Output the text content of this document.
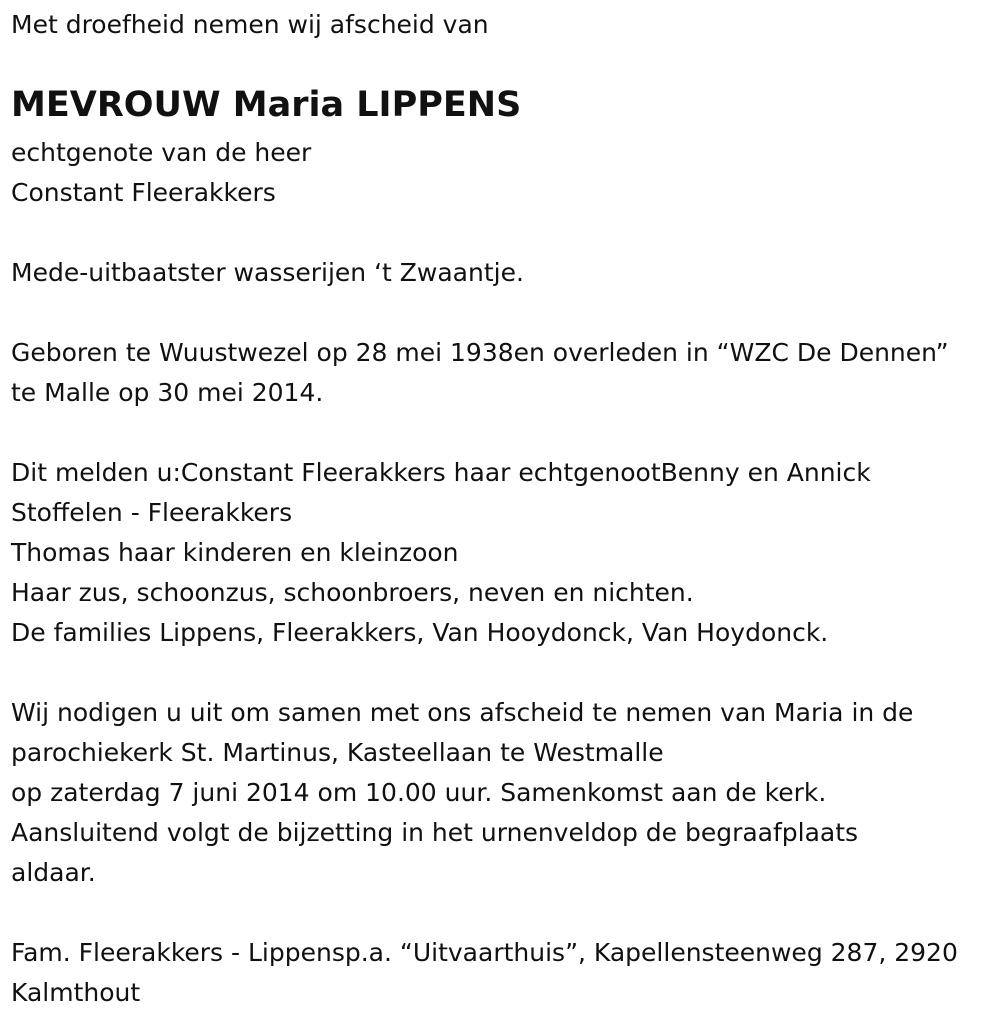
Met droefheid nemen wij afscheid van
MEVROUW Maria LIPPENS
echtgenote van de heer
Constant Fleerakkers
Mede-uitbaatster wasserijen ‘t Zwaantje.
Geboren te Wuustwezel op 28 mei 1938en overleden in “WZC De Dennen”
te Malle op 30 mei 2014.
Dit melden u:Constant Fleerakkers haar echtgenootBenny en Annick
Stoffelen - Fleerakkers
Thomas haar kinderen en kleinzoon
Haar zus, schoonzus, schoonbroers, neven en nichten.
De families Lippens, Fleerakkers, Van Hooydonck, Van Hoydonck.
Wij nodigen u uit om samen met ons afscheid te nemen van Maria in de
parochiekerk St. Martinus, Kasteellaan te Westmalle
op zaterdag 7 juni 2014 om 10.00 uur. Samenkomst aan de kerk.
Aansluitend volgt de bijzetting in het urnenveldop de begraafplaats
aldaar.
Fam. Fleerakkers - Lippensp.a. “Uitvaarthuis”, Kapellensteenweg 287, 2920
Kalmthout
